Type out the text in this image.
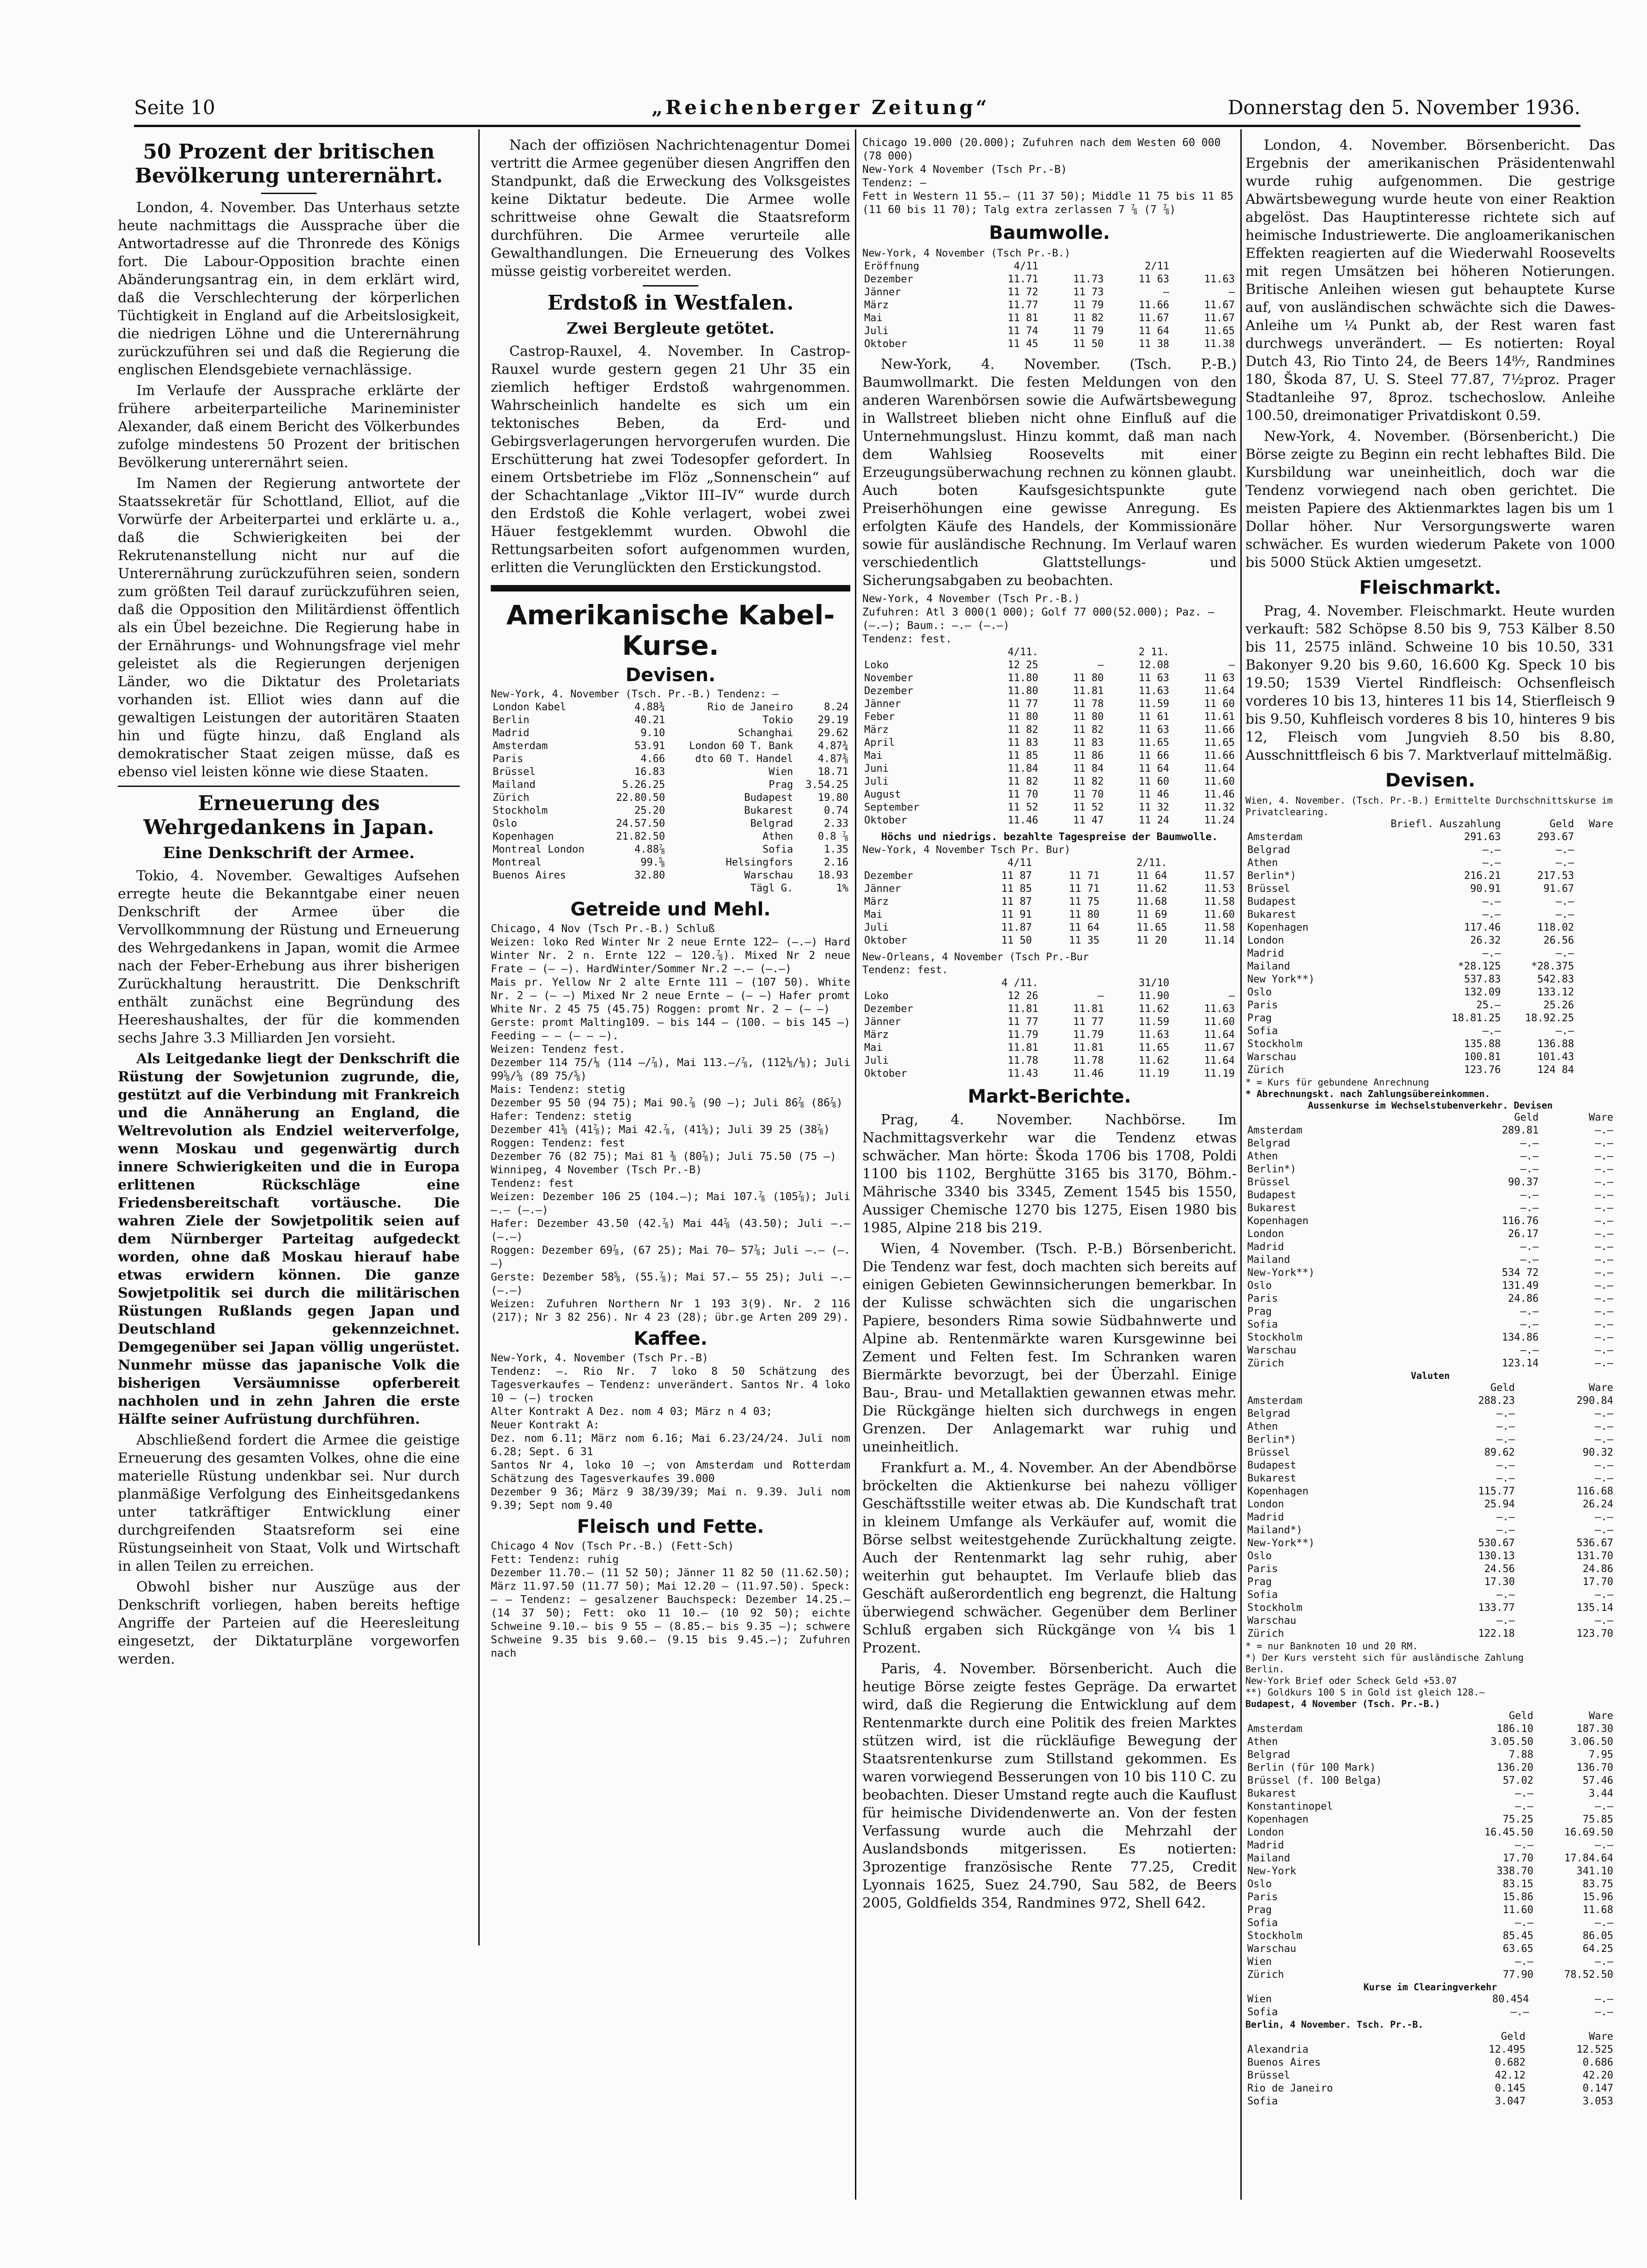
Seite 10	„Reichenberger Zeitung“	Donnerstag den 5. November 1936.
50 Prozent der britischen Bevölkerung unterernährt.

London, 4. November. Das Unterhaus setzte heute nachmittags die Aussprache über die Antwortadresse auf die Thronrede des Königs fort. Die Labour-Opposition brachte einen Abänderungsantrag ein, in dem erklärt wird, daß die Verschlechterung der körperlichen Tüchtigkeit in England auf die Arbeitslosigkeit, die niedrigen Löhne und die Unterernährung zurückzuführen sei und daß die Regierung die englischen Elendsgebiete vernachlässige.

Im Verlaufe der Aussprache erklärte der frühere arbeiterparteiliche Marineminister Alexander, daß einem Bericht des Völkerbundes zufolge mindestens 50 Prozent der britischen Bevölkerung unterernährt seien.

Im Namen der Regierung antwortete der Staatssekretär für Schottland, Elliot, auf die Vorwürfe der Arbeiterpartei und erklärte u. a., daß die Schwierigkeiten bei der Rekrutenanstellung nicht nur auf die Unterernährung zurückzuführen seien, sondern zum größten Teil darauf zurückzuführen seien, daß die Opposition den Militärdienst öffentlich als ein Übel bezeichne. Die Regierung habe in der Ernährungs- und Wohnungsfrage viel mehr geleistet als die Regierungen derjenigen Länder, wo die Diktatur des Proletariats vorhanden ist. Elliot wies dann auf die gewaltigen Leistungen der autoritären Staaten hin und fügte hinzu, daß England als demokratischer Staat zeigen müsse, daß es ebenso viel leisten könne wie diese Staaten.

Erneuerung des Wehrgedankens in Japan.
Eine Denkschrift der Armee.

Tokio, 4. November. Gewaltiges Aufsehen erregte heute die Bekanntgabe einer neuen Denkschrift der Armee über die Vervollkommnung der Rüstung und Erneuerung des Wehrgedankens in Japan, womit die Armee nach der Feber-Erhebung aus ihrer bisherigen Zurückhaltung heraustritt. Die Denkschrift enthält zunächst eine Begründung des Heereshaushaltes, der für die kommenden sechs Jahre 3.3 Milliarden Jen vorsieht.

Als Leitgedanke liegt der Denkschrift die Rüstung der Sowjetunion zugrunde, die, gestützt auf die Verbindung mit Frankreich und die Annäherung an England, die Weltrevolution als Endziel weiterverfolge, wenn Moskau und gegenwärtig durch innere Schwierigkeiten und die in Europa erlittenen Rückschläge eine Friedensbereitschaft vortäusche. Die wahren Ziele der Sowjetpolitik seien auf dem Nürnberger Parteitag aufgedeckt worden, ohne daß Moskau hierauf habe etwas erwidern können. Die ganze Sowjetpolitik sei durch die militärischen Rüstungen Rußlands gegen Japan und Deutschland gekennzeichnet. Demgegenüber sei Japan völlig ungerüstet. Nunmehr müsse das japanische Volk die bisherigen Versäumnisse opferbereit nachholen und in zehn Jahren die erste Hälfte seiner Aufrüstung durchführen.

Abschließend fordert die Armee die geistige Erneuerung des gesamten Volkes, ohne die eine materielle Rüstung undenkbar sei. Nur durch planmäßige Verfolgung des Einheitsgedankens unter tatkräftiger Entwicklung einer durchgreifenden Staatsreform sei eine Rüstungseinheit von Staat, Volk und Wirtschaft in allen Teilen zu erreichen.

Obwohl bisher nur Auszüge aus der Denkschrift vorliegen, haben bereits heftige Angriffe der Parteien auf die Heeresleitung eingesetzt, der Diktaturpläne vorgeworfen werden.

Nach der offiziösen Nachrichtenagentur Domei vertritt die Armee gegenüber diesen Angriffen den Standpunkt, daß die Erweckung des Volksgeistes keine Diktatur bedeute. Die Armee wolle schrittweise ohne Gewalt die Staatsreform durchführen. Die Armee verurteile alle Gewalthandlungen. Die Erneuerung des Volkes müsse geistig vorbereitet werden.

Erdstoß in Westfalen.
Zwei Bergleute getötet.

Castrop-Rauxel, 4. November. In Castrop-Rauxel wurde gestern gegen 21 Uhr 35 ein ziemlich heftiger Erdstoß wahrgenommen. Wahrscheinlich handelte es sich um ein tektonisches Beben, da Erd- und Gebirgsverlagerungen hervorgerufen wurden. Die Erschütterung hat zwei Todesopfer gefordert. In einem Ortsbetriebe im Flöz „Sonnenschein“ auf der Schachtanlage „Viktor III–IV“ wurde durch den Erdstoß die Kohle verlagert, wobei zwei Häuer festgeklemmt wurden. Obwohl die Rettungsarbeiten sofort aufgenommen wurden, erlitten die Verunglückten den Erstickungstod.

Amerikanische Kabel-Kurse.
Devisen.
New-York, 4. November (Tsch. Pr.-B.) Tendenz: —
London Kabel	4.88¾	Rio de Janeiro	8.24
Berlin	40.21	Tokio	29.19
Madrid	9.10	Schanghai	29.62
Amsterdam	53.91	London 60 T. Bank	4.87¾
Paris	4.66	dto 60 T. Handel	4.87⅜
Brüssel	16.83	Wien	18.71
Mailand	5.26.25	Prag	3.54.25
Zürich	22.80.50	Budapest	19.80
Stockholm	25.20	Bukarest	0.74
Oslo	24.57.50	Belgrad	2.33
Kopenhagen	21.82.50	Athen	0.8 ⅞
Montreal London	4.88⅞	Sofia	1.35
Montreal	99.⅝	Helsingfors	2.16
Buenos Aires	32.80	Warschau	18.93
		Tägl G.	1%
Getreide und Mehl.
Chicago, 4 Nov (Tsch Pr.-B.) Schluß
Weizen: loko Red Winter Nr 2 neue Ernte 122— (—.—) Hard Winter Nr. 2 n. Ernte 122 — 120.⅞). Mixed Nr 2 neue Frate — (— —). HardWinter/Sommer Nr.2 —.— (—.—)
Mais pr. Yellow Nr 2 alte Ernte 111 — (107 50). White Nr. 2 — (— —) Mixed Nr 2 neue Ernte — (— —) Hafer promt White Nr. 2 45 75 (45.75) Roggen: promt Nr. 2 — (— —)
Gerste: promt Malting109. — bis 144 — (100. — bis 145 —) Feeding — — (— — —).
Weizen: Tendenz fest.
Dezember 114 75/⅛ (114 —/⅞), Mai 113.—/⅞, (112⅛/⅛); Juli 99⅝/⅝ (89 75/⅝)
Mais: Tendenz: stetig
Dezember 95 50 (94 75); Mai 90.⅞ (90 —); Juli 86⅞ (86⅞)
Hafer: Tendenz: stetig
Dezember 41⅝ (41⅞); Mai 42.⅞, (41⅝); Juli 39 25 (38⅞)
Roggen: Tendenz: fest
Dezember 76 (82 75); Mai 81 ⅜ (80⅞); Juli 75.50 (75 —)
Winnipeg, 4 November (Tsch Pr.-B)
Tendenz: fest
Weizen: Dezember 106 25 (104.—); Mai 107.⅞ (105⅞); Juli —.— (—.—)
Hafer: Dezember 43.50 (42.⅞) Mai 44⅞ (43.50); Juli —.— (—.—)
Roggen: Dezember 69⅞, (67 25); Mai 70— 57⅞; Juli —.— (—.—)
Gerste: Dezember 58⅝, (55.⅞); Mai 57.— 55 25); Juli —.— (—.—)
Weizen: Zufuhren Northern Nr 1 193 3(9). Nr. 2 116 (217); Nr 3 82 256). Nr 4 23 (28); übr.ge Arten 209 29).
Kaffee.
New-York, 4. November (Tsch Pr.-B)
Tendenz: —. Rio Nr. 7 loko 8 50 Schätzung des Tagesverkaufes — Tendenz: unverändert. Santos Nr. 4 loko 10 — (—) trocken
Alter Kontrakt A Dez. nom 4 03; März n 4 03;
Neuer Kontrakt A:
Dez. nom 6.11; März nom 6.16; Mai 6.23/24/24. Juli nom 6.28; Sept. 6 31
Santos Nr 4, loko 10 —; von Amsterdam und Rotterdam Schätzung des Tagesverkaufes 39.000
Dezember 9 36; März 9 38/39/39; Mai n. 9.39. Juli nom 9.39; Sept nom 9.40
Fleisch und Fette.
Chicago 4 Nov (Tsch Pr.-B.) (Fett-Sch)
Fett: Tendenz: ruhig
Dezember 11.70.— (11 52 50); Jänner 11 82 50 (11.62.50); März 11.97.50 (11.77 50); Mai 12.20 — (11.97.50). Speck: — — Tendenz: — gesalzener Bauchspeck: Dezember 14.25.— (14 37 50); Fett: oko 11 10.— (10 92 50); eichte Schweine 9.10.— bis 9 55 — (8.85.— bis 9.35 —); schwere Schweine 9.35 bis 9.60.— (9.15 bis 9.45.—); Zufuhren nach
Chicago 19.000 (20.000); Zufuhren nach dem Westen 60 000 (78 000)
New-York 4 November (Tsch Pr.-B)
Tendenz: —
Fett in Western 11 55.— (11 37 50); Middle 11 75 bis 11 85 (11 60 bis 11 70); Talg extra zerlassen 7 ⅞ (7 ⅞)
Baumwolle.
New-York, 4 November (Tsch Pr.-B.)
Eröffnung	4/11		2/11	
Dezember	11.71	11.73	11 63	11.63
Jänner	11 72	11 73	—	—
März	11.77	11 79	11.66	11.67
Mai	11 81	11 82	11.67	11.67
Juli	11 74	11 79	11 64	11.65
Oktober	11 45	11 50	11 38	11.38

New-York, 4. November. (Tsch. P.-B.) Baumwollmarkt. Die festen Meldungen von den anderen Warenbörsen sowie die Aufwärtsbewegung in Wallstreet blieben nicht ohne Einfluß auf die Unternehmungslust. Hinzu kommt, daß man nach dem Wahlsieg Roosevelts mit einer Erzeugungsüberwachung rechnen zu können glaubt. Auch boten Kaufsgesichtspunkte gute Preiserhöhungen eine gewisse Anregung. Es erfolgten Käufe des Handels, der Kommissionäre sowie für ausländische Rechnung. Im Verlauf waren verschiedentlich Glattstellungs- und Sicherungsabgaben zu beobachten.

New-York, 4 November (Tsch Pr.-B.)
Zufuhren: Atl 3 000(1 000); Golf 77 000(52.000); Paz. — (—.—); Baum.: —.— (—.—)
Tendenz: fest.
	4/11.		2 11.	
Loko	12 25	—	12.08	—
November	11.80	11 80	11 63	11 63
Dezember	11.80	11.81	11.63	11.64
Jänner	11 77	11 78	11.59	11 60
Feber	11 80	11 80	11 61	11.61
März	11 82	11 82	11 63	11.66
April	11 83	11 83	11.65	11.65
Mai	11 85	11 86	11 66	11.66
Juni	11.84	11 84	11 64	11.64
Juli	11 82	11 82	11 60	11.60
August	11 70	11 70	11 46	11.46
September	11 52	11 52	11 32	11.32
Oktober	11.46	11 47	11 24	11.24
Höchs und niedrigs. bezahlte Tagespreise der Baumwolle.
New-York, 4 November Tsch Pr. Bur)
	4/11		2/11.	
Dezember	11 87	11 71	11 64	11.57
Jänner	11 85	11 71	11.62	11.53
März	11 87	11 75	11.68	11.58
Mai	11 91	11 80	11 69	11.60
Juli	11.87	11 64	11.65	11.58
Oktober	11 50	11 35	11 20	11.14
New-Orleans, 4 November (Tsch Pr.-Bur
Tendenz: fest.
	4 /11.		31/10	
Loko	12 26	—	11.90	—
Dezember	11.81	11.81	11.62	11.63
Jänner	11 77	11 77	11.59	11.60
März	11.79	11.79	11.63	11.64
Mai	11.81	11.81	11.65	11.67
Juli	11.78	11.78	11.62	11.64
Oktober	11.43	11.46	11.19	11.19
Markt-Berichte.

Prag, 4. November. Nachbörse. Im Nachmittagsverkehr war die Tendenz etwas schwächer. Man hörte: Škoda 1706 bis 1708, Poldi 1100 bis 1102, Berghütte 3165 bis 3170, Böhm.-Mährische 3340 bis 3345, Zement 1545 bis 1550, Aussiger Chemische 1270 bis 1275, Eisen 1980 bis 1985, Alpine 218 bis 219.

Wien, 4 November. (Tsch. P.-B.) Börsenbericht. Die Tendenz war fest, doch machten sich bereits auf einigen Gebieten Gewinnsicherungen bemerkbar. In der Kulisse schwächten sich die ungarischen Papiere, besonders Rima sowie Südbahnwerte und Alpine ab. Rentenmärkte waren Kursgewinne bei Zement und Felten fest. Im Schranken waren Biermärkte bevorzugt, bei der Überzahl. Einige Bau-, Brau- und Metallaktien gewannen etwas mehr. Die Rückgänge hielten sich durchwegs in engen Grenzen. Der Anlagemarkt war ruhig und uneinheitlich.

Frankfurt a. M., 4. November. An der Abendbörse bröckelten die Aktienkurse bei nahezu völliger Geschäftsstille weiter etwas ab. Die Kundschaft trat in kleinem Umfange als Verkäufer auf, womit die Börse selbst weitestgehende Zurückhaltung zeigte. Auch der Rentenmarkt lag sehr ruhig, aber weiterhin gut behauptet. Im Verlaufe blieb das Geschäft außerordentlich eng begrenzt, die Haltung überwiegend schwächer. Gegenüber dem Berliner Schluß ergaben sich Rückgänge von ¼ bis 1 Prozent.

Paris, 4. November. Börsenbericht. Auch die heutige Börse zeigte festes Gepräge. Da erwartet wird, daß die Regierung die Entwicklung auf dem Rentenmarkte durch eine Politik des freien Marktes stützen wird, ist die rückläufige Bewegung der Staatsrentenkurse zum Stillstand gekommen. Es waren vorwiegend Besserungen von 10 bis 110 C. zu beobachten. Dieser Umstand regte auch die Kauflust für heimische Dividendenwerte an. Von der festen Verfassung wurde auch die Mehrzahl der Auslandsbonds mitgerissen. Es notierten: 3prozentige französische Rente 77.25, Credit Lyonnais 1625, Suez 24.790, Sau 582, de Beers 2005, Goldfields 354, Randmines 972, Shell 642.

London, 4. November. Börsenbericht. Das Ergebnis der amerikanischen Präsidentenwahl wurde ruhig aufgenommen. Die gestrige Abwärtsbewegung wurde heute von einer Reaktion abgelöst. Das Hauptinteresse richtete sich auf heimische Industriewerte. Die angloamerikanischen Effekten reagierten auf die Wiederwahl Roosevelts mit regen Umsätzen bei höheren Notierungen. Britische Anleihen wiesen gut behauptete Kurse auf, von ausländischen schwächte sich die Dawes-Anleihe um ¼ Punkt ab, der Rest waren fast durchwegs unverändert. — Es notierten: Royal Dutch 43, Rio Tinto 24, de Beers 14⁸⁄₇, Randmines 180, Škoda 87, U. S. Steel 77.87, 7½proz. Prager Stadtanleihe 97, 8proz. tschechoslow. Anleihe 100.50, dreimonatiger Privatdiskont 0.59.

New-York, 4. November. (Börsenbericht.) Die Börse zeigte zu Beginn ein recht lebhaftes Bild. Die Kursbildung war uneinheitlich, doch war die Tendenz vorwiegend nach oben gerichtet. Die meisten Papiere des Aktienmarktes lagen bis um 1 Dollar höher. Nur Versorgungswerte waren schwächer. Es wurden wiederum Pakete von 1000 bis 5000 Stück Aktien umgesetzt.

Fleischmarkt.

Prag, 4. November. Fleischmarkt. Heute wurden verkauft: 582 Schöpse 8.50 bis 9, 753 Kälber 8.50 bis 11, 2575 inländ. Schweine 10 bis 10.50, 331 Bakonyer 9.20 bis 9.60, 16.600 Kg. Speck 10 bis 19.50; 1539 Viertel Rindfleisch: Ochsenfleisch vorderes 10 bis 13, hinteres 11 bis 14, Stierfleisch 9 bis 9.50, Kuhfleisch vorderes 8 bis 10, hinteres 9 bis 12, Fleisch vom Jungvieh 8.50 bis 8.80, Ausschnittfleisch 6 bis 7. Marktverlauf mittelmäßig.

Devisen.
Wien, 4. November. (Tsch. Pr.-B.) Ermittelte Durchschnittskurse im Privatclearing.
	Briefl. Auszahlung	Geld	Ware
Amsterdam	291.63	293.67	
Belgrad	—.—	—.—	
Athen	—.—	—.—	
Berlin*)	216.21	217.53	
Brüssel	90.91	91.67	
Budapest	—.—	—.—	
Bukarest	—.—	—.—	
Kopenhagen	117.46	118.02	
London	26.32	26.56	
Madrid	—.—	—.—	
Mailand	*28.125	*28.375	
New York**)	537.83	542.83	
Oslo	132.09	133.12	
Paris	25.—	25.26	
Prag	18.81.25	18.92.25	
Sofia	—.—	—.—	
Stockholm	135.88	136.88	
Warschau	100.81	101.43	
Zürich	123.76	124 84	
* = Kurs für gebundene Anrechnung
* Abrechnungskt. nach Zahlungsübereinkommen.
Aussenkurse im Wechselstubenverkehr. Devisen
	Geld	Ware
Amsterdam	289.81	—.—
Belgrad	—.—	—.—
Athen	—.—	—.—
Berlin*)	—.—	—.—
Brüssel	90.37	—.—
Budapest	—.—	—.—
Bukarest	—.—	—.—
Kopenhagen	116.76	—.—
London	26.17	—.—
Madrid	—.—	—.—
Mailand	—.—	—.—
New-York**)	534 72	—.—
Oslo	131.49	—.—
Paris	24.86	—.—
Prag	—.—	—.—
Sofia	—.—	—.—
Stockholm	134.86	—.—
Warschau	—.—	—.—
Zürich	123.14	—.—
Valuten
	Geld	Ware
Amsterdam	288.23	290.84
Belgrad	—.—	—.—
Athen	—.—	—.—
Berlin*)	—.—	—.—
Brüssel	89.62	90.32
Budapest	—.—	—.—
Bukarest	—.—	—.—
Kopenhagen	115.77	116.68
London	25.94	26.24
Madrid	—.—	—.—
Mailand*)	—.—	—.—
New-York**)	530.67	536.67
Oslo	130.13	131.70
Paris	24.56	24.86
Prag	17.30	17.70
Sofia	—.—	—.—
Stockholm	133.77	135.14
Warschau	—.—	—.—
Zürich	122.18	123.70
* = nur Banknoten 10 und 20 RM.
*) Der Kurs versteht sich für ausländische Zahlung
Berlin.
New-York Brief oder Scheck Geld +53.07
**) Goldkurs 100 S in Gold ist gleich 128.—
Budapest, 4 November (Tsch. Pr.-B.)
	Geld	Ware
Amsterdam	186.10	187.30
Athen	3.05.50	3.06.50
Belgrad	7.88	7.95
Berlin (für 100 Mark)	136.20	136.70
Brüssel (f. 100 Belga)	57.02	57.46
Bukarest	—.—	3.44
Konstantinopel	—.—	—.—
Kopenhagen	75.25	75.85
London	16.45.50	16.69.50
Madrid	—.—	—.—
Mailand	17.70	17.84.64
New-York	338.70	341.10
Oslo	83.15	83.75
Paris	15.86	15.96
Prag	11.60	11.68
Sofia	—.—	—.—
Stockholm	85.45	86.05
Warschau	63.65	64.25
Wien	—.—	—.—
Zürich	77.90	78.52.50
Kurse im Clearingverkehr
Wien	80.454	—.—
Sofia	—.—	—.—
Berlin, 4 November. Tsch. Pr.-B.
	Geld	Ware
Alexandria	12.495	12.525
Buenos Aires	0.682	0.686
Brüssel	42.12	42.20
Rio de Janeiro	0.145	0.147
Sofia	3.047	3.053
